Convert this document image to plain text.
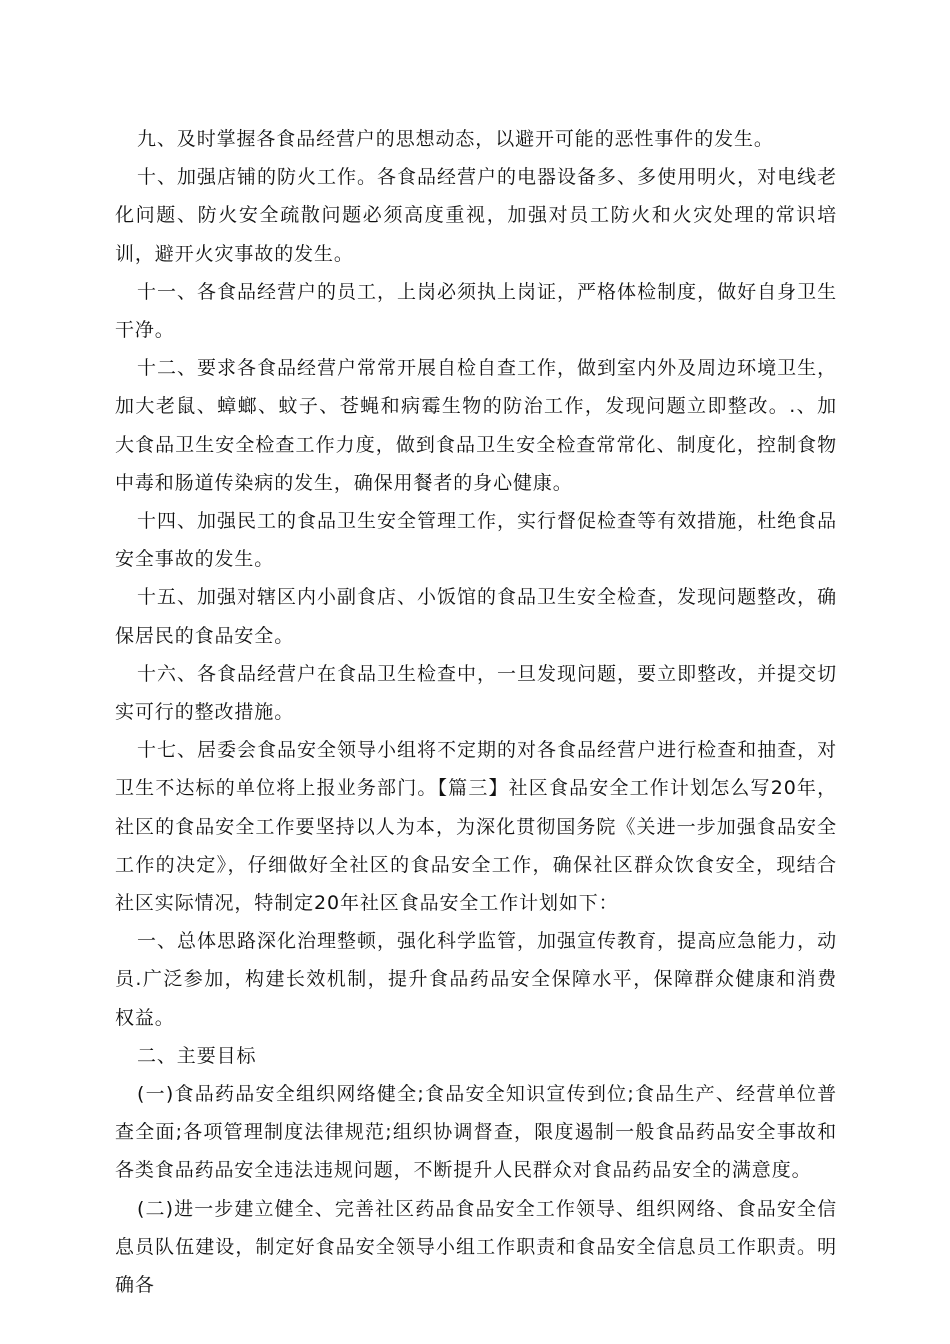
九、及时掌握各食品经营户的思想动态，以避开可能的恶性事件的发生。

十、加强店铺的防火工作。各食品经营户的电器设备多、多使用明火，对电线老化问题、防火安全疏散问题必须高度重视，加强对员工防火和火灾处理的常识培训，避开火灾事故的发生。

十一、各食品经营户的员工，上岗必须执上岗证，严格体检制度，做好自身卫生干净。

十二、要求各食品经营户常常开展自检自查工作，做到室内外及周边环境卫生，加大老鼠、蟑螂、蚊子、苍蝇和病霉生物的防治工作，发现问题立即整改。.、加大食品卫生安全检查工作力度，做到食品卫生安全检查常常化、制度化，控制食物中毒和肠道传染病的发生，确保用餐者的身心健康。

十四、加强民工的食品卫生安全管理工作，实行督促检查等有效措施，杜绝食品安全事故的发生。

十五、加强对辖区内小副食店、小饭馆的食品卫生安全检查，发现问题整改，确保居民的食品安全。

十六、各食品经营户在食品卫生检查中，一旦发现问题，要立即整改，并提交切实可行的整改措施。

十七、居委会食品安全领导小组将不定期的对各食品经营户进行检查和抽查，对卫生不达标的单位将上报业务部门。【篇三】社区食品安全工作计划怎么写20年，社区的食品安全工作要坚持以人为本，为深化贯彻国务院《关进一步加强食品安全工作的决定》，仔细做好全社区的食品安全工作，确保社区群众饮食安全，现结合社区实际情况，特制定20年社区食品安全工作计划如下：

一、总体思路深化治理整顿，强化科学监管，加强宣传教育，提高应急能力，动员.广泛参加，构建长效机制，提升食品药品安全保障水平，保障群众健康和消费权益。

二、主要目标

(一)食品药品安全组织网络健全;食品安全知识宣传到位;食品生产、经营单位普查全面;各项管理制度法律规范;组织协调督查，限度遏制一般食品药品安全事故和各类食品药品安全违法违规问题，不断提升人民群众对食品药品安全的满意度。

(二)进一步建立健全、完善社区药品食品安全工作领导、组织网络、食品安全信息员队伍建设，制定好食品安全领导小组工作职责和食品安全信息员工作职责。明确各
